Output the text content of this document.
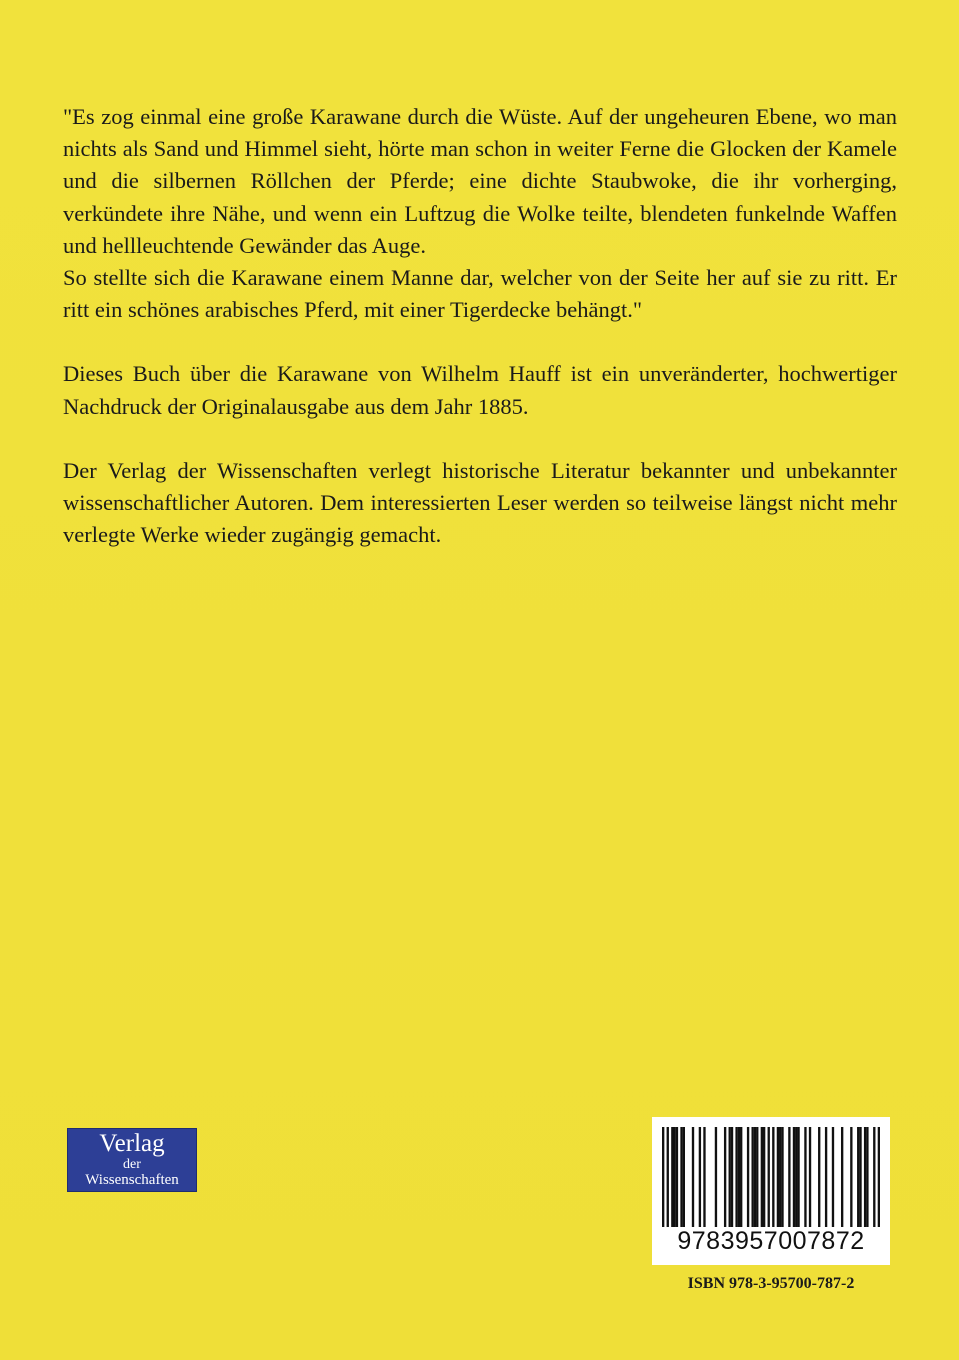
"Es zog einmal eine große Karawane durch die Wüste. Auf der ungeheuren Ebene, wo man nichts als Sand und Himmel sieht, hörte man schon in weiter Ferne die Glocken der Kamele und die silbernen Röllchen der Pferde; eine dichte Staubwoke, die ihr vorherging, verkündete ihre Nähe, und wenn ein Luftzug die Wolke teilte, blendeten funkelnde Waffen und hellleuchtende Gewänder das Auge.

So stellte sich die Karawane einem Manne dar, welcher von der Seite her auf sie zu ritt. Er ritt ein schönes arabisches Pferd, mit einer Tigerdecke behängt."

Dieses Buch über die Karawane von Wilhelm Hauff ist ein unveränderter, hochwertiger Nachdruck der Originalausgabe aus dem Jahr 1885.

Der Verlag der Wissenschaften verlegt historische Literatur bekannter und unbekannter wissenschaftlicher Autoren. Dem interessierten Leser werden so teilweise längst nicht mehr verlegte Werke wieder zugängig gemacht.

Verlag
der
Wissenschaften
9783957007872
ISBN 978-3-95700-787-2
